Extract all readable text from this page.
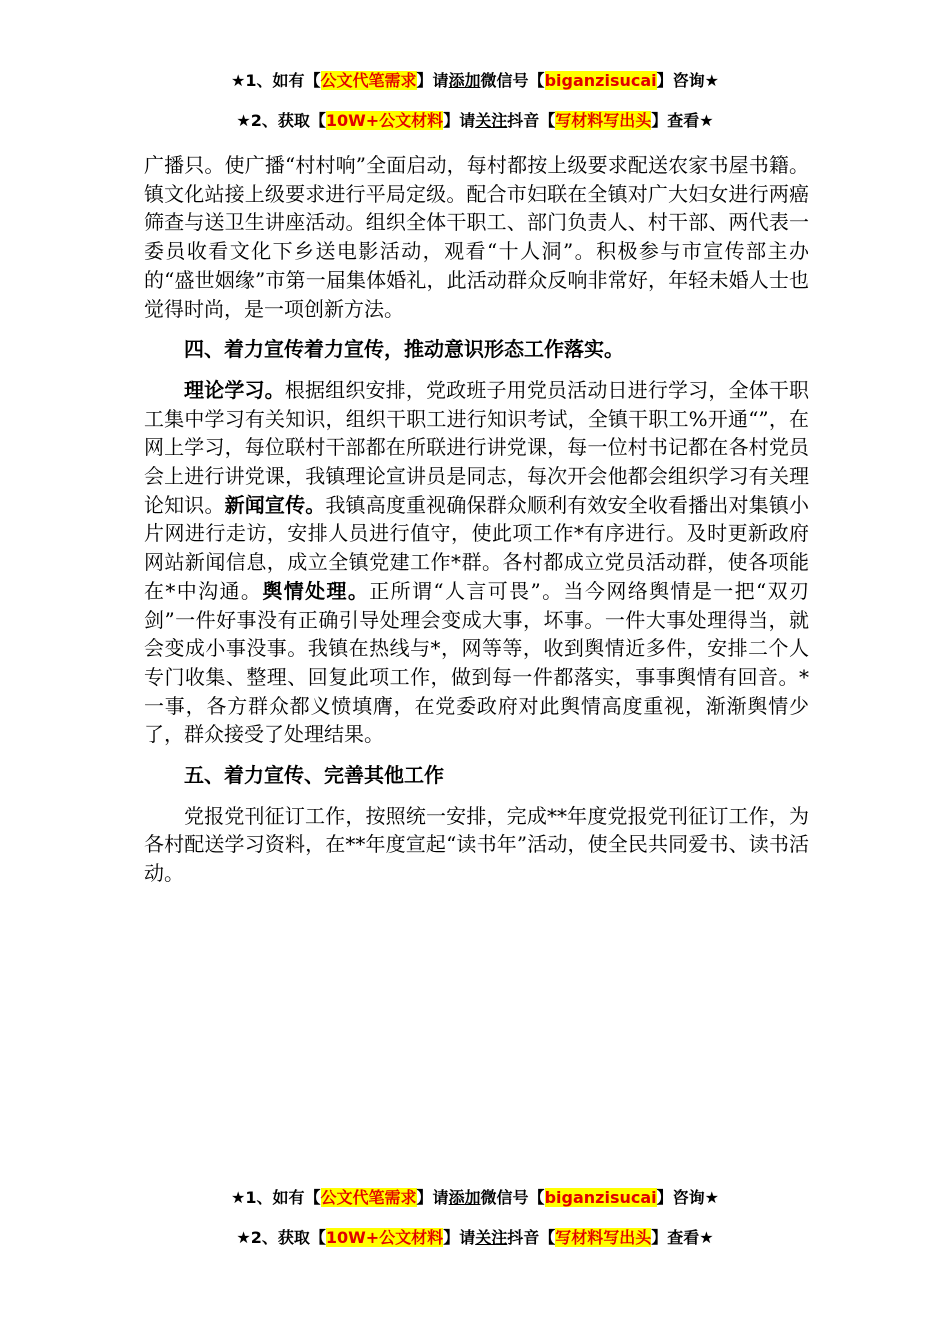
★1、如有【公文代笔需求】请添加微信号【biganzisucai】咨询★
★2、获取【10W+公文材料】请关注抖音【写材料写出头】查看★

广播只。使广播“村村响”全面启动，每村都按上级要求配送农家书屋书籍。镇文化站接上级要求进行平局定级。配合市妇联在全镇对广大妇女进行两癌筛查与送卫生讲座活动。组织全体干职工、部门负责人、村干部、两代表一委员收看文化下乡送电影活动，观看“十人洞”。积极参与市宣传部主办的“盛世姻缘”市第一届集体婚礼，此活动群众反响非常好，年轻未婚人士也觉得时尚，是一项创新方法。

四、着力宣传着力宣传，推动意识形态工作落实。

理论学习。根据组织安排，党政班子用党员活动日进行学习，全体干职工集中学习有关知识，组织干职工进行知识考试，全镇干职工%开通“”，在网上学习，每位联村干部都在所联进行讲党课，每一位村书记都在各村党员会上进行讲党课，我镇理论宣讲员是同志，每次开会他都会组织学习有关理论知识。新闻宣传。我镇高度重视确保群众顺利有效安全收看播出对集镇小片网进行走访，安排人员进行值守，使此项工作*有序进行。及时更新政府网站新闻信息，成立全镇党建工作*群。各村都成立党员活动群，使各项能在*中沟通。舆情处理。正所谓“人言可畏”。当今网络舆情是一把“双刃剑”一件好事没有正确引导处理会变成大事，坏事。一件大事处理得当，就会变成小事没事。我镇在热线与*，网等等，收到舆情近多件，安排二个人专门收集、整理、回复此项工作，做到每一件都落实，事事舆情有回音。*一事，各方群众都义愤填膺，在党委政府对此舆情高度重视，渐渐舆情少了，群众接受了处理结果。

五、着力宣传、完善其他工作

党报党刊征订工作，按照统一安排，完成**年度党报党刊征订工作，为各村配送学习资料，在**年度宣起“读书年”活动，使全民共同爱书、读书活动。

★1、如有【公文代笔需求】请添加微信号【biganzisucai】咨询★
★2、获取【10W+公文材料】请关注抖音【写材料写出头】查看★
